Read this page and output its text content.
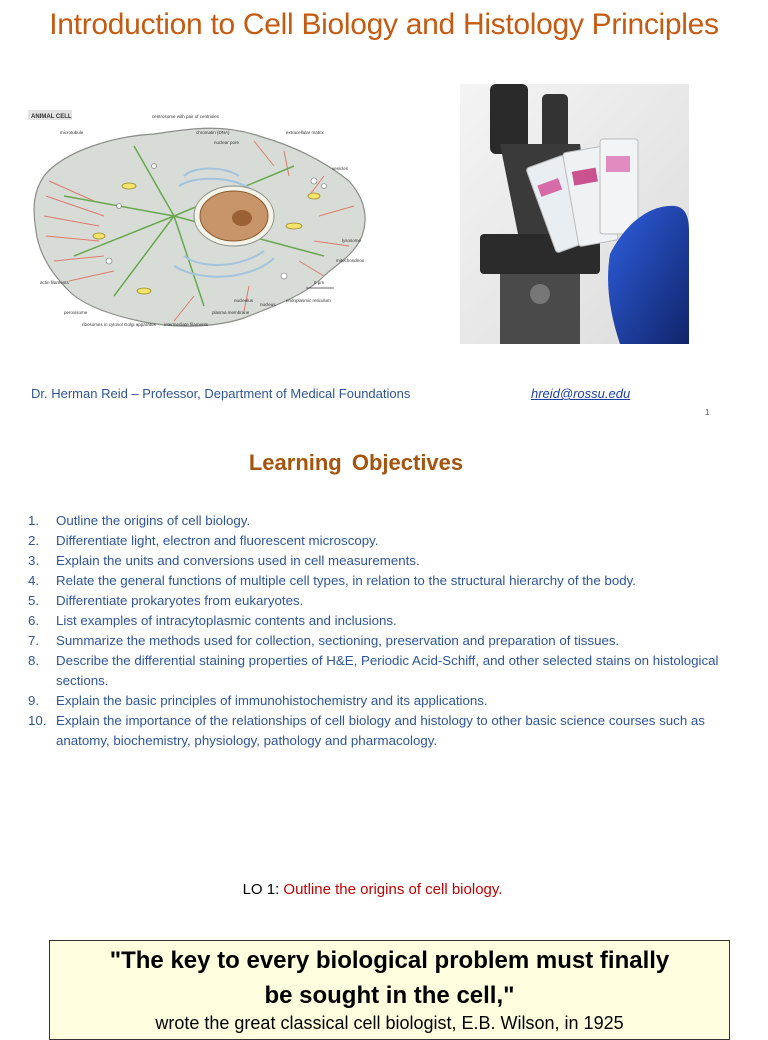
Introduction to Cell Biology and Histology Principles
ANIMAL CELL
microtubule
centrosome with pair of centrioles
chromatin (DNA)
nuclear pore
extracellular matrix
vesicles
lysosome
mitochondrion
actin filaments
peroxisome
ribosomes in cytosol Golgi apparatus intermediate filaments
plasma membrane
nucleolus
nucleus
endoplasmic reticulum
5 μm
Dr. Herman Reid – Professor, Department of Medical Foundations	hreid@rossu.edu
1
Learning Objectives
1.	Outline the origins of cell biology.
2.	Differentiate light, electron and fluorescent microscopy.
3.	Explain the units and conversions used in cell measurements.
4.	Relate the general functions of multiple cell types, in relation to the structural hierarchy of the body.
5.	Differentiate prokaryotes from eukaryotes.
6.	List examples of intracytoplasmic contents and inclusions.
7.	Summarize the methods used for collection, sectioning, preservation and preparation of tissues.
8.	Describe the differential staining properties of H&E, Periodic Acid-Schiff, and other selected stains on histological sections.
9.	Explain the basic principles of immunohistochemistry and its applications.
10. Explain the importance of the relationships of cell biology and histology to other basic science courses such as anatomy, biochemistry, physiology, pathology and pharmacology.
LO 1: Outline the origins of cell biology.
"The key to every biological problem must finally
be sought in the cell,"
wrote the great classical cell biologist, E.B. Wilson, in 1925
